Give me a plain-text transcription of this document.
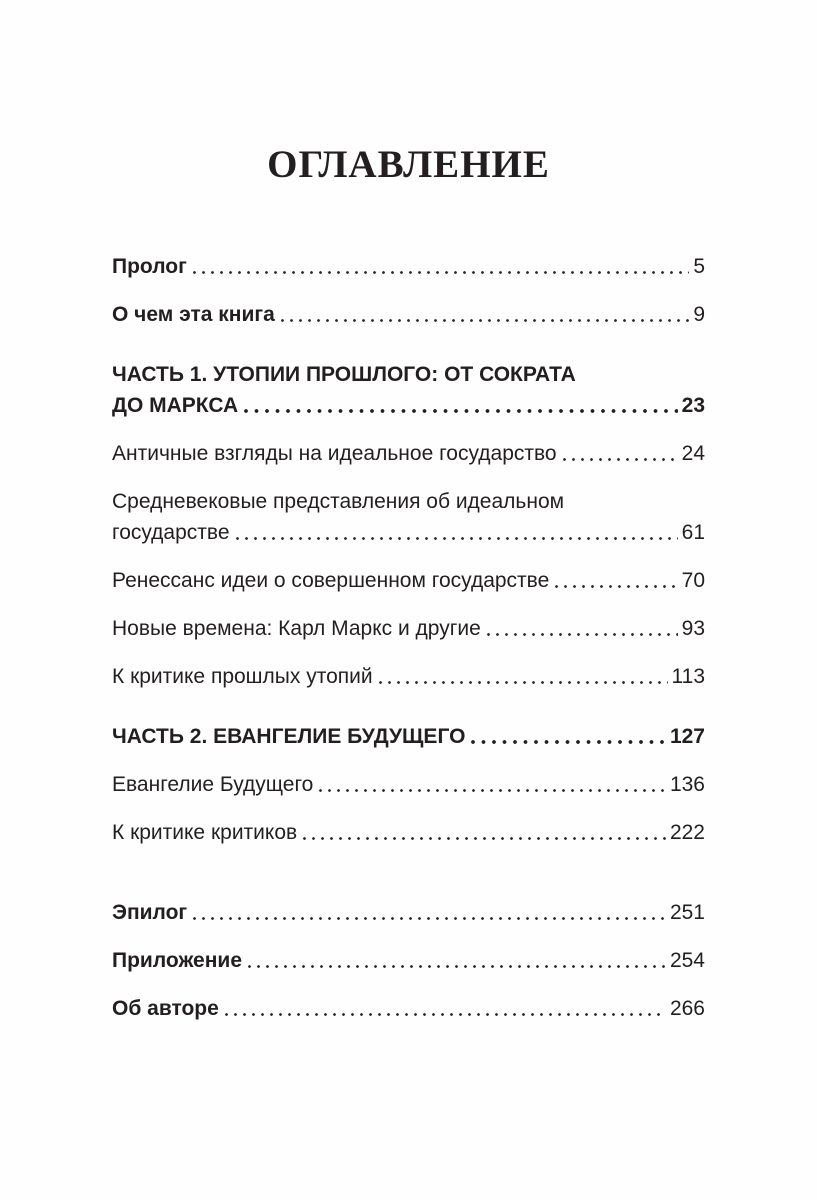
ОГЛАВЛЕНИЕ
Пролог	5
О чем эта книга	9
ЧАСТЬ 1. УТОПИИ ПРОШЛОГО: ОТ СОКРАТА
ДО МАРКСА	23
Античные взгляды на идеальное государство	24
Средневековые представления об идеальном
государстве	61
Ренессанс идеи о совершенном государстве	70
Новые времена: Карл Маркс и другие	93
К критике прошлых утопий	113
ЧАСТЬ 2. ЕВАНГЕЛИЕ БУДУЩЕГО	127
Евангелие Будущего	136
К критике критиков	222
Эпилог	251
Приложение	254
Об авторе	266
